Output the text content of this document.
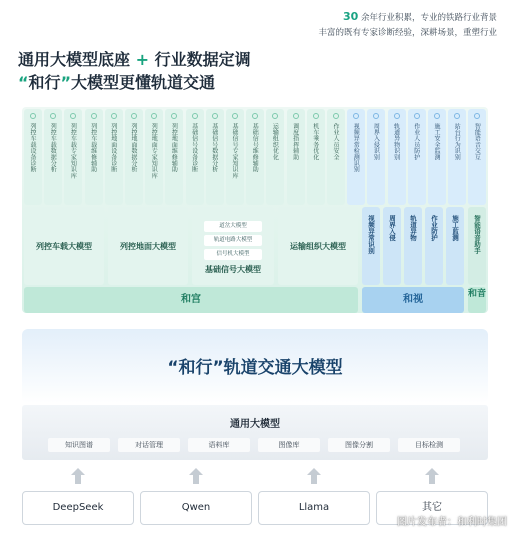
30 余年行业积累，专业的铁路行业背景
丰富的既有专家诊断经验，深耕场景，重塑行业
通用大模型底座 + 行业数据定调
“和行”大模型更懂轨道交通
列控车载设备诊断 列控车载数据分析 列控车载专家知识库 列控车载维修辅助 列控地面设备诊断 列控地面数据分析 列控地面专家知识库 列控地面维修辅助 基础信号设备诊断 基础信号数据分析 基础信号专家知识库 基础信号维修辅助 运输组织优化 调度指挥辅助 机车乘务优化 作业人员安全 视频异常检测识别 周界入侵识别 轨道异物识别 作业人员防护 施工安全监测 站台行为识别 智能语音交互
列控车载大模型	列控地面大模型
道岔大模型
轨道电路大模型
信号机大模型
基础信号大模型
运输组织大模型	视频异常识别 周界入侵 轨道异物 作业防护 施工监测 智能语音助手
和宫	和视	和音
“和行”轨道交通大模型
通用大模型
知识图谱	对话管理	语料库	图像库	图像分割	目标检测
DeepSeek	Qwen	Llama	其它
图片发布者：和利时集团
